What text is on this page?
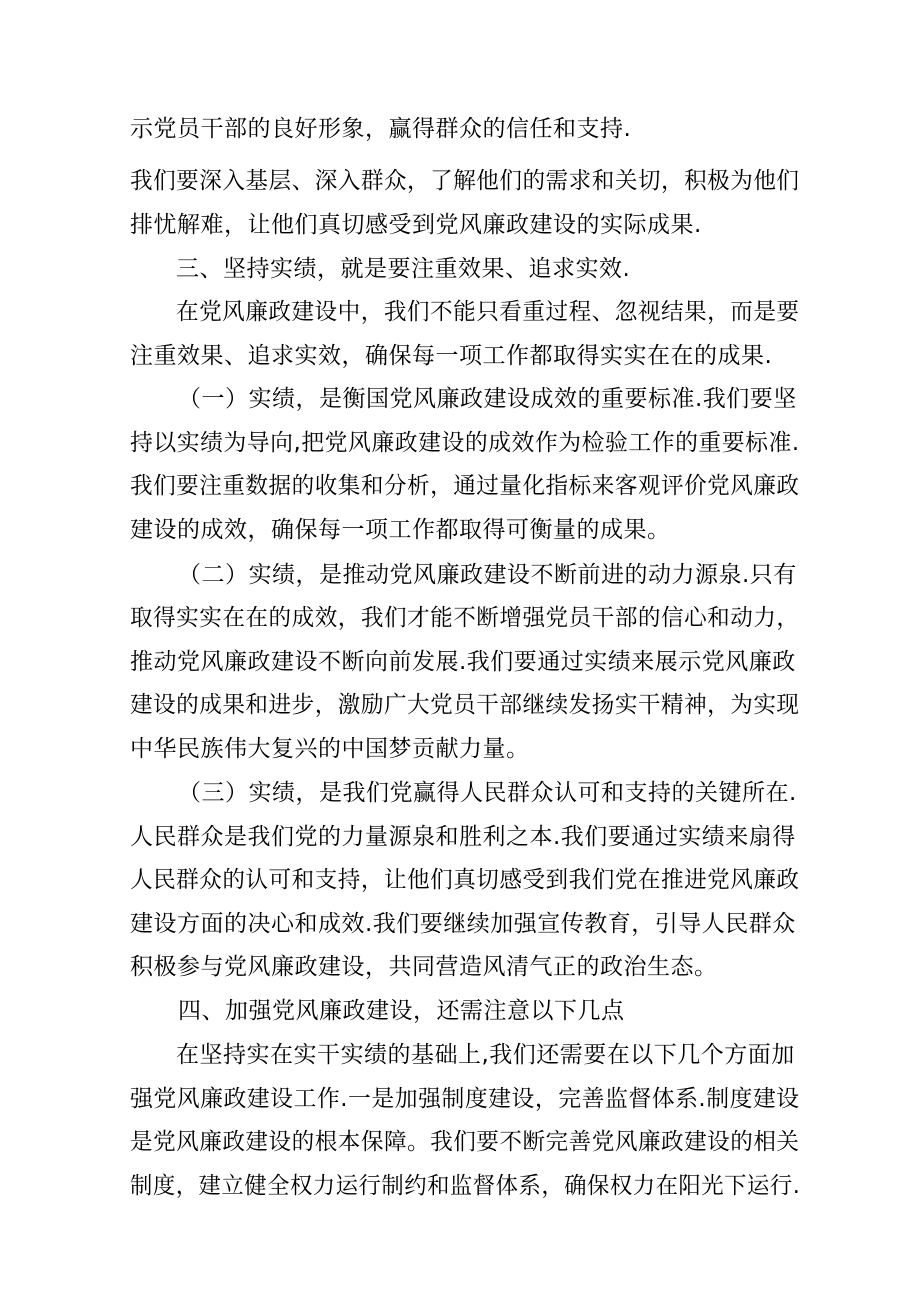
示党员干部的良好形象，赢得群众的信任和支持.
我们要深入基层、深入群众，了解他们的需求和关切，积极为他们
排忧解难，让他们真切感受到党风廉政建设的实际成果.
三、坚持实绩，就是要注重效果、追求实效.
在党风廉政建设中，我们不能只看重过程、忽视结果，而是要
注重效果、追求实效，确保每一项工作都取得实实在在的成果.
（一）实绩，是衡国党风廉政建设成效的重要标准.我们要坚
持以实绩为导向,把党风廉政建设的成效作为检验工作的重要标准.
我们要注重数据的收集和分析，通过量化指标来客观评价党风廉政
建设的成效，确保每一项工作都取得可衡量的成果。
（二）实绩，是推动党风廉政建设不断前进的动力源泉.只有
取得实实在在的成效，我们才能不断增强党员干部的信心和动力，
推动党风廉政建设不断向前发展.我们要通过实绩来展示党风廉政
建设的成果和进步，激励广大党员干部继续发扬实干精神，为实现
中华民族伟大复兴的中国梦贡献力量。
（三）实绩，是我们党赢得人民群众认可和支持的关键所在.
人民群众是我们党的力量源泉和胜利之本.我们要通过实绩来扇得
人民群众的认可和支持，让他们真切感受到我们党在推进党风廉政
建设方面的决心和成效.我们要继续加强宣传教育，引导人民群众
积极参与党风廉政建设，共同营造风清气正的政治生态。
四、加强党风廉政建设，还需注意以下几点
在坚持实在实干实绩的基础上,我们还需要在以下几个方面加
强党风廉政建设工作.一是加强制度建设，完善监督体系.制度建设
是党风廉政建设的根本保障。我们要不断完善党风廉政建设的相关
制度，建立健全权力运行制约和监督体系，确保权力在阳光下运行.
